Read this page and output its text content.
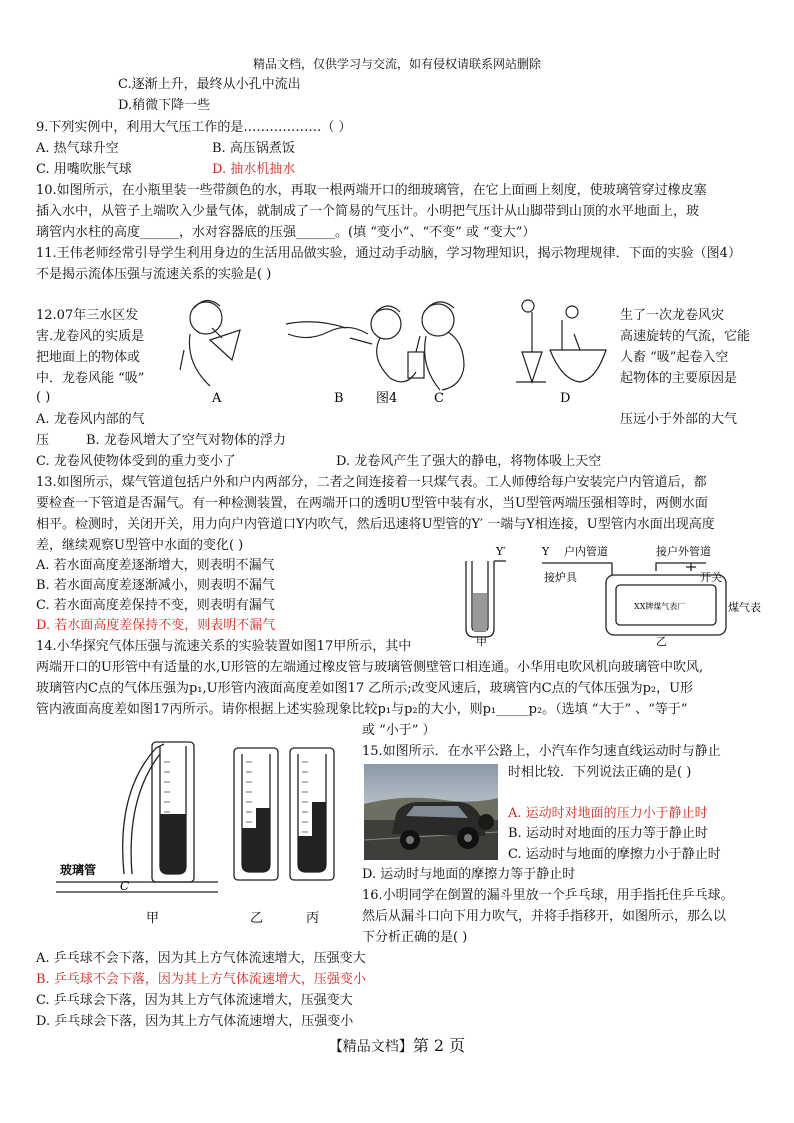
精品文档，仅供学习与交流，如有侵权请联系网站删除
C.逐渐上升，最终从小孔中流出
D.稍微下降一些
9.下列实例中，利用大气压工作的是………………（ ）
A. 热气球升空	B. 高压锅煮饭
C. 用嘴吹胀气球	D. 抽水机抽水
10.如图所示，在小瓶里装一些带颜色的水，再取一根两端开口的细玻璃管，在它上面画上刻度，使玻璃管穿过橡皮塞
插入水中，从管子上端吹入少量气体，就制成了一个简易的气压计。小明把气压计从山脚带到山顶的水平地面上，玻
璃管内水柱的高度______，水对容器底的压强______。(填 “变小”、“不变” 或 “变大”）
11.王伟老师经常引导学生利用身边的生活用品做实验，通过动手动脑，学习物理知识，揭示物理规律．下面的实验（图4）
不是揭示流体压强与流速关系的实验是( )
12.07年三水区发
害.龙卷风的实质是
把地面上的物体或
中．龙卷风能 “吸”
( )
生了一次龙卷风灾
高速旋转的气流，它能
人畜 “吸”起卷入空
起物体的主要原因是
A	B 图4	C	D
A. 龙卷风内部的气	压远小于外部的大气
压	B. 龙卷风增大了空气对物体的浮力
C. 龙卷风使物体受到的重力变小了	D. 龙卷风产生了强大的静电，将物体吸上天空
13.如图所示，煤气管道包括户外和户内两部分，二者之间连接着一只煤气表。工人师傅给每户安装完户内管道后，都
要检查一下管道是否漏气。有一种检测装置，在两端开口的透明U型管中装有水，当U型管两端压强相等时，两侧水面
相平。检测时，关闭开关，用力向户内管道口Y内吹气，然后迅速将U型管的Y′ 一端与Y相连接，U型管内水面出现高度
差，继续观察U型管中水面的变化( )
A. 若水面高度差逐渐增大，则表明不漏气
B. 若水面高度差逐渐减小，则表明不漏气
C. 若水面高度差保持不变，则表明有漏气
D. 若水面高度差保持不变，则表明不漏气
Y′	Y 户内管道	接户外管道
接炉具	开关
XX牌煤气表厂	煤气表
甲	乙
14.小华探究气体压强与流速关系的实验装置如图17甲所示，其中
两端开口的U形管中有适量的水,U形管的左端通过橡皮管与玻璃管侧壁管口相连通。小华用电吹风机向玻璃管中吹风,
玻璃管内C点的气体压强为p₁,U形管内液面高度差如图17 乙所示;改变风速后，玻璃管内C点的气体压强为p₂，U形
管内液面高度差如图17丙所示。请你根据上述实验现象比较p₁与p₂的大小，则p₁_____p₂。（选填 “大于” 、“等于”
或 “小于” ）
玻璃管
C
甲	乙	丙
15.如图所示．在水平公路上，小汽车作匀速直线运动时与静止
时相比较．下列说法正确的是( )
A. 运动时对地面的压力小于静止时
B. 运动时对地面的压力等于静止时
C. 运动时与地面的摩擦力小于静止时
D. 运动时与地面的摩擦力等于静止时
16.小明同学在倒置的漏斗里放一个乒乓球，用手指托住乒乓球。
然后从漏斗口向下用力吹气，并将手指移开，如图所示，那么以
下分析正确的是( )
A. 乒乓球不会下落，因为其上方气体流速增大，压强变大
B. 乒乓球不会下落，因为其上方气体流速增大，压强变小
C. 乒乓球会下落，因为其上方气体流速增大，压强变大
D. 乒乓球会下落，因为其上方气体流速增大，压强变小
【精品文档】第 2 页
